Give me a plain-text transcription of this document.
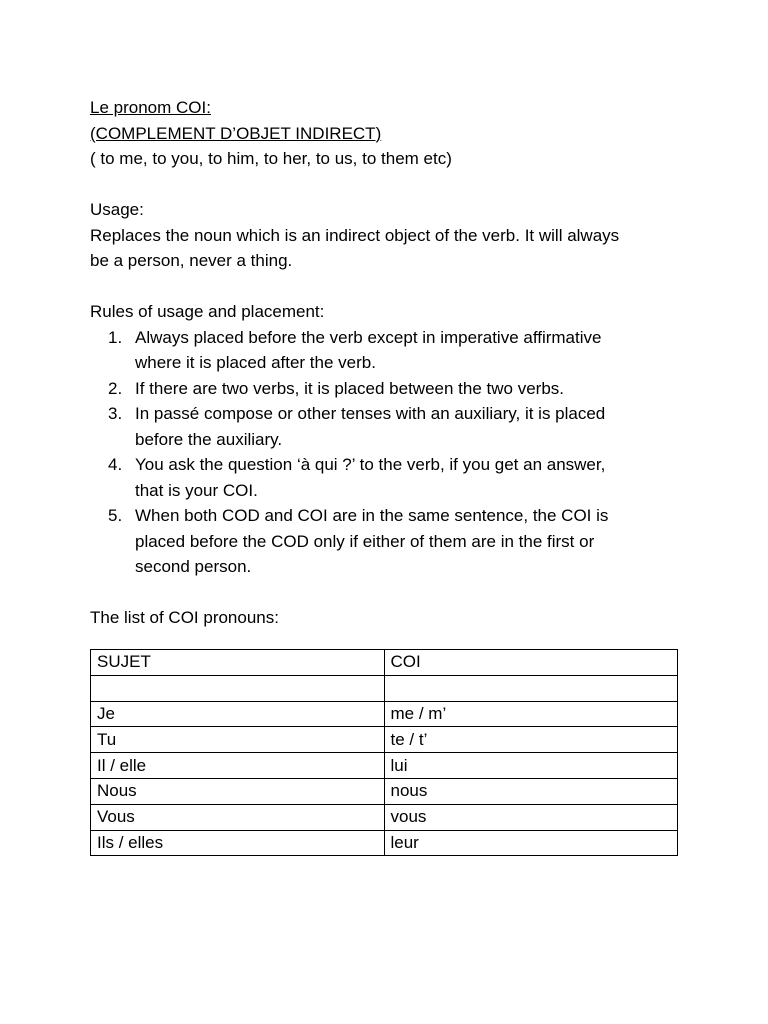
Le pronom COI:
(COMPLEMENT D’OBJET INDIRECT)
( to me, to you, to him, to her, to us, to them etc)
Usage:
Replaces the noun which is an indirect object of the verb. It will always
be a person, never a thing.
Rules of usage and placement:
1. Always placed before the verb except in imperative affirmative
where it is placed after the verb.
2. If there are two verbs, it is placed between the two verbs.
3. In passé compose or other tenses with an auxiliary, it is placed
before the auxiliary.
4. You ask the question ‘à qui ?’ to the verb, if you get an answer,
that is your COI.
5. When both COD and COI are in the same sentence, the COI is
placed before the COD only if either of them are in the first or
second person.
The list of COI pronouns:
SUJET	COI

Je	me / m’
Tu	te / t’
Il / elle	lui
Nous	nous
Vous	vous
Ils / elles	leur
